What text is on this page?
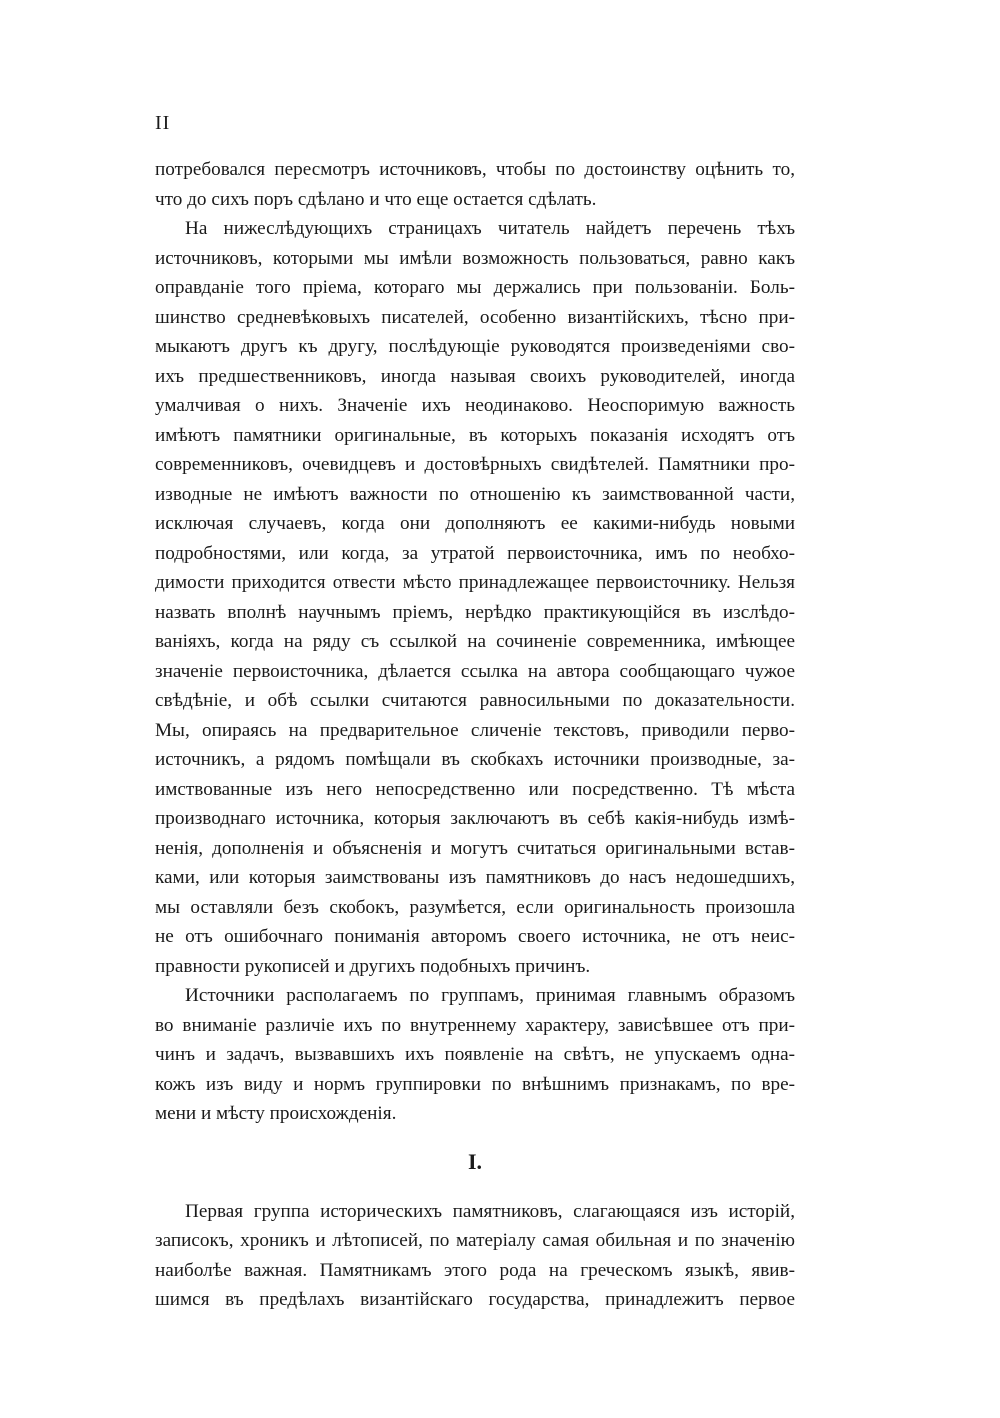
II
потребовался пересмотръ источниковъ, чтобы по достоинству оцѣнить то,
что до сихъ поръ сдѣлано и что еще остается сдѣлать.
На нижеслѣдующихъ страницахъ читатель найдетъ перечень тѣхъ
источниковъ, которыми мы имѣли возможность пользоваться, равно какъ
оправданіе того пріема, котораго мы держались при пользованіи. Боль-
шинство средневѣковыхъ писателей, особенно византійскихъ, тѣсно при-
мыкаютъ другъ къ другу, послѣдующіе руководятся произведеніями сво-
ихъ предшественниковъ, иногда называя своихъ руководителей, иногда
умалчивая о нихъ. Значеніе ихъ неодинаково. Неоспоримую важность
имѣютъ памятники оригинальные, въ которыхъ показанія исходятъ отъ
современниковъ, очевидцевъ и достовѣрныхъ свидѣтелей. Памятники про-
изводные не имѣютъ важности по отношенію къ заимствованной части,
исключая случаевъ, когда они дополняютъ ее какими-нибудь новыми
подробностями, или когда, за утратой первоисточника, имъ по необхо-
димости приходится отвести мѣсто принадлежащее первоисточнику. Нельзя
назвать вполнѣ научнымъ пріемъ, нерѣдко практикующійся въ изслѣдо-
ваніяхъ, когда на ряду съ ссылкой на сочиненіе современника, имѣющее
значеніе первоисточника, дѣлается ссылка на автора сообщающаго чужое
свѣдѣніе, и обѣ ссылки считаются равносильными по доказательности.
Мы, опираясь на предварительное сличеніе текстовъ, приводили перво-
источникъ, а рядомъ помѣщали въ скобкахъ источники производные, за-
имствованные изъ него непосредственно или посредственно. Тѣ мѣста
производнаго источника, которыя заключаютъ въ себѣ какія-нибудь измѣ-
ненія, дополненія и объясненія и могутъ считаться оригинальными встав-
ками, или которыя заимствованы изъ памятниковъ до насъ недошедшихъ,
мы оставляли безъ скобокъ, разумѣется, если оригинальность произошла
не отъ ошибочнаго пониманія авторомъ своего источника, не отъ неис-
правности рукописей и другихъ подобныхъ причинъ.
Источники располагаемъ по группамъ, принимая главнымъ образомъ
во вниманіе различіе ихъ по внутреннему характеру, зависѣвшее отъ при-
чинъ и задачъ, вызвавшихъ ихъ появленіе на свѣтъ, не упускаемъ одна-
кожъ изъ виду и нормъ группировки по внѣшнимъ признакамъ, по вре-
мени и мѣсту происхожденія.
I.
Первая группа историческихъ памятниковъ, слагающаяся изъ исторій,
записокъ, хроникъ и лѣтописей, по матеріалу самая обильная и по значенію
наиболѣе важная. Памятникамъ этого рода на греческомъ языкѣ, явив-
шимся въ предѣлахъ византійскаго государства, принадлежитъ первое
